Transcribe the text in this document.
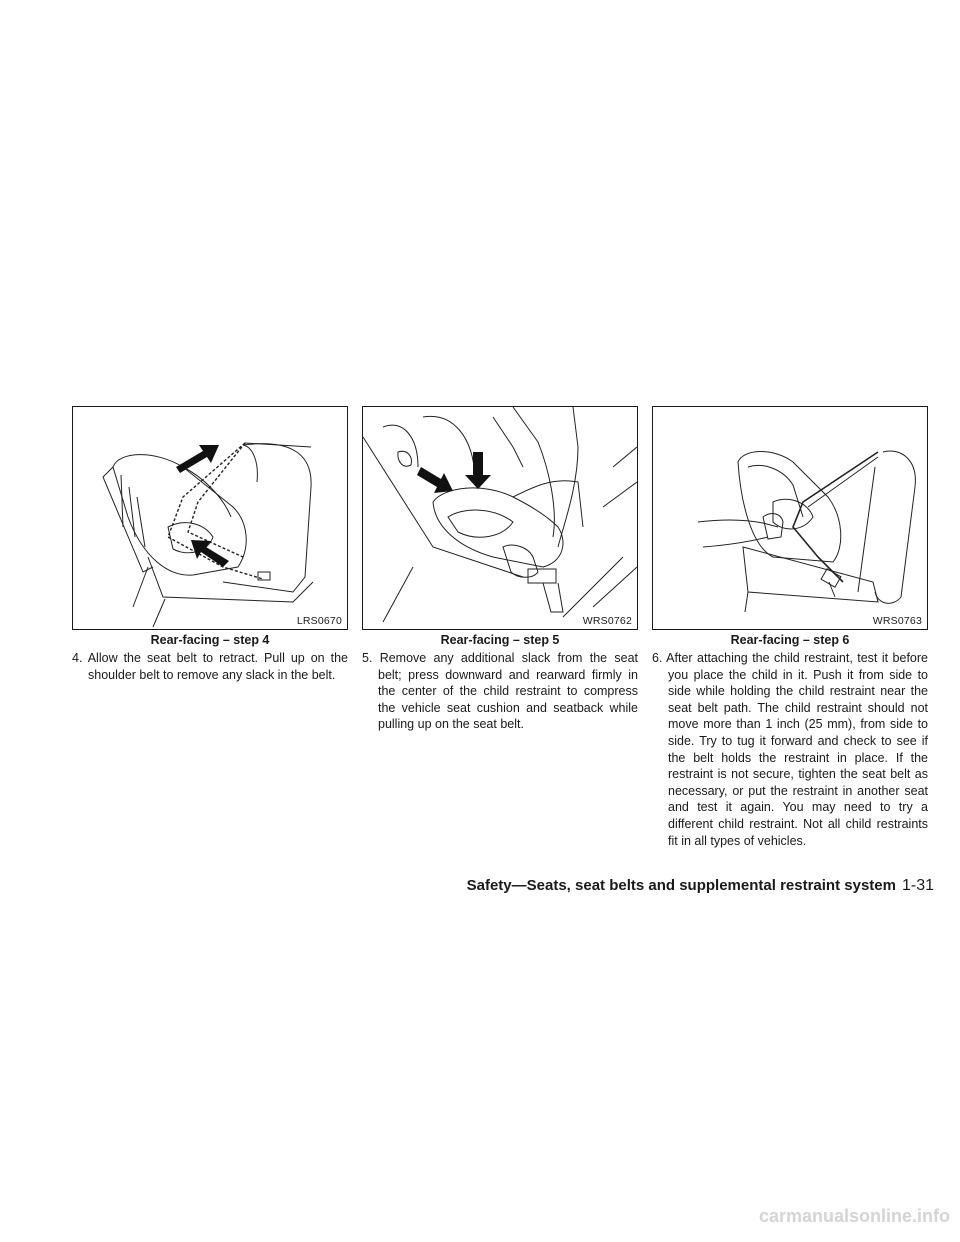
LRS0670
Rear-facing – step 4
4. Allow the seat belt to retract. Pull up on the shoulder belt to remove any slack in the belt.
WRS0762
Rear-facing – step 5
5. Remove any additional slack from the seat belt; press downward and rearward firmly in the center of the child restraint to compress the vehicle seat cushion and seatback while pulling up on the seat belt.
WRS0763
Rear-facing – step 6
6. After attaching the child restraint, test it before you place the child in it. Push it from side to side while holding the child restraint near the seat belt path. The child restraint should not move more than 1 inch (25 mm), from side to side. Try to tug it forward and check to see if the belt holds the restraint in place. If the restraint is not secure, tighten the seat belt as necessary, or put the restraint in another seat and test it again. You may need to try a different child restraint. Not all child restraints fit in all types of vehicles.
Safety—Seats, seat belts and supplemental restraint system 1-31
carmanualsonline.info
